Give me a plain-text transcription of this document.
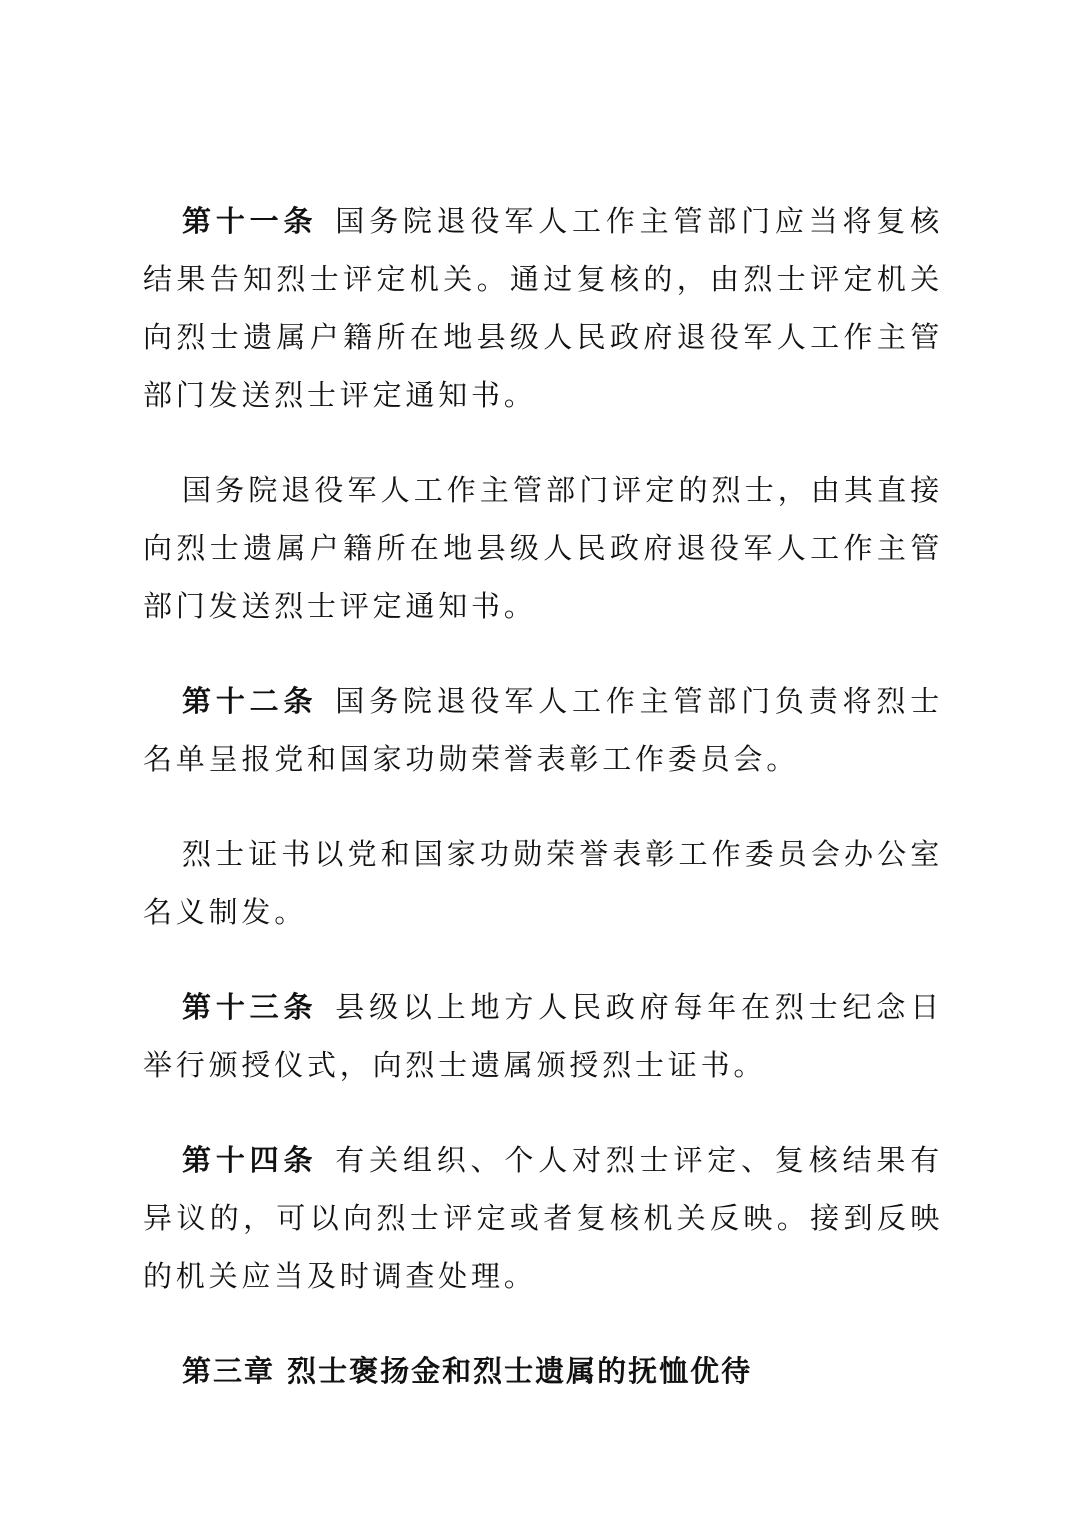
第十一条 国务院退役军人工作主管部门应当将复核结果告知烈士评定机关。通过复核的，由烈士评定机关向烈士遗属户籍所在地县级人民政府退役军人工作主管部门发送烈士评定通知书。

国务院退役军人工作主管部门评定的烈士，由其直接向烈士遗属户籍所在地县级人民政府退役军人工作主管部门发送烈士评定通知书。

第十二条 国务院退役军人工作主管部门负责将烈士名单呈报党和国家功勋荣誉表彰工作委员会。

烈士证书以党和国家功勋荣誉表彰工作委员会办公室名义制发。

第十三条 县级以上地方人民政府每年在烈士纪念日举行颁授仪式，向烈士遗属颁授烈士证书。

第十四条 有关组织、个人对烈士评定、复核结果有异议的，可以向烈士评定或者复核机关反映。接到反映的机关应当及时调查处理。

第三章 烈士褒扬金和烈士遗属的抚恤优待
